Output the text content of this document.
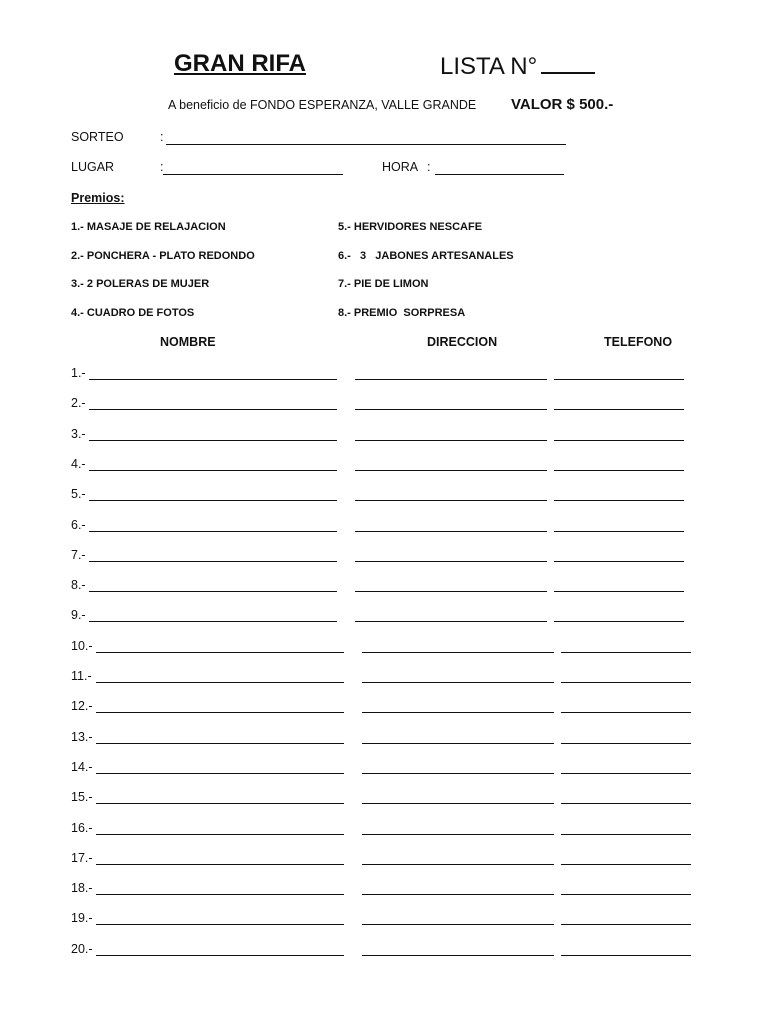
GRAN RIFA	LISTA N°
A beneficio de FONDO ESPERANZA, VALLE GRANDE VALOR $ 500.-
SORTEO	:
LUGAR	:	HORA :
Premios:
1.- MASAJE DE RELAJACION
2.- PONCHERA - PLATO REDONDO
3.- 2 POLERAS DE MUJER
4.- CUADRO DE FOTOS
5.- HERVIDORES NESCAFE
6.-   3   JABONES ARTESANALES
7.- PIE DE LIMON
8.- PREMIO  SORPRESA
NOMBRE	DIRECCION	TELEFONO
1.-
2.-
3.-
4.-
5.-
6.-
7.-
8.-
9.-
10.-
11.-
12.-
13.-
14.-
15.-
16.-
17.-
18.-
19.-
20.-
